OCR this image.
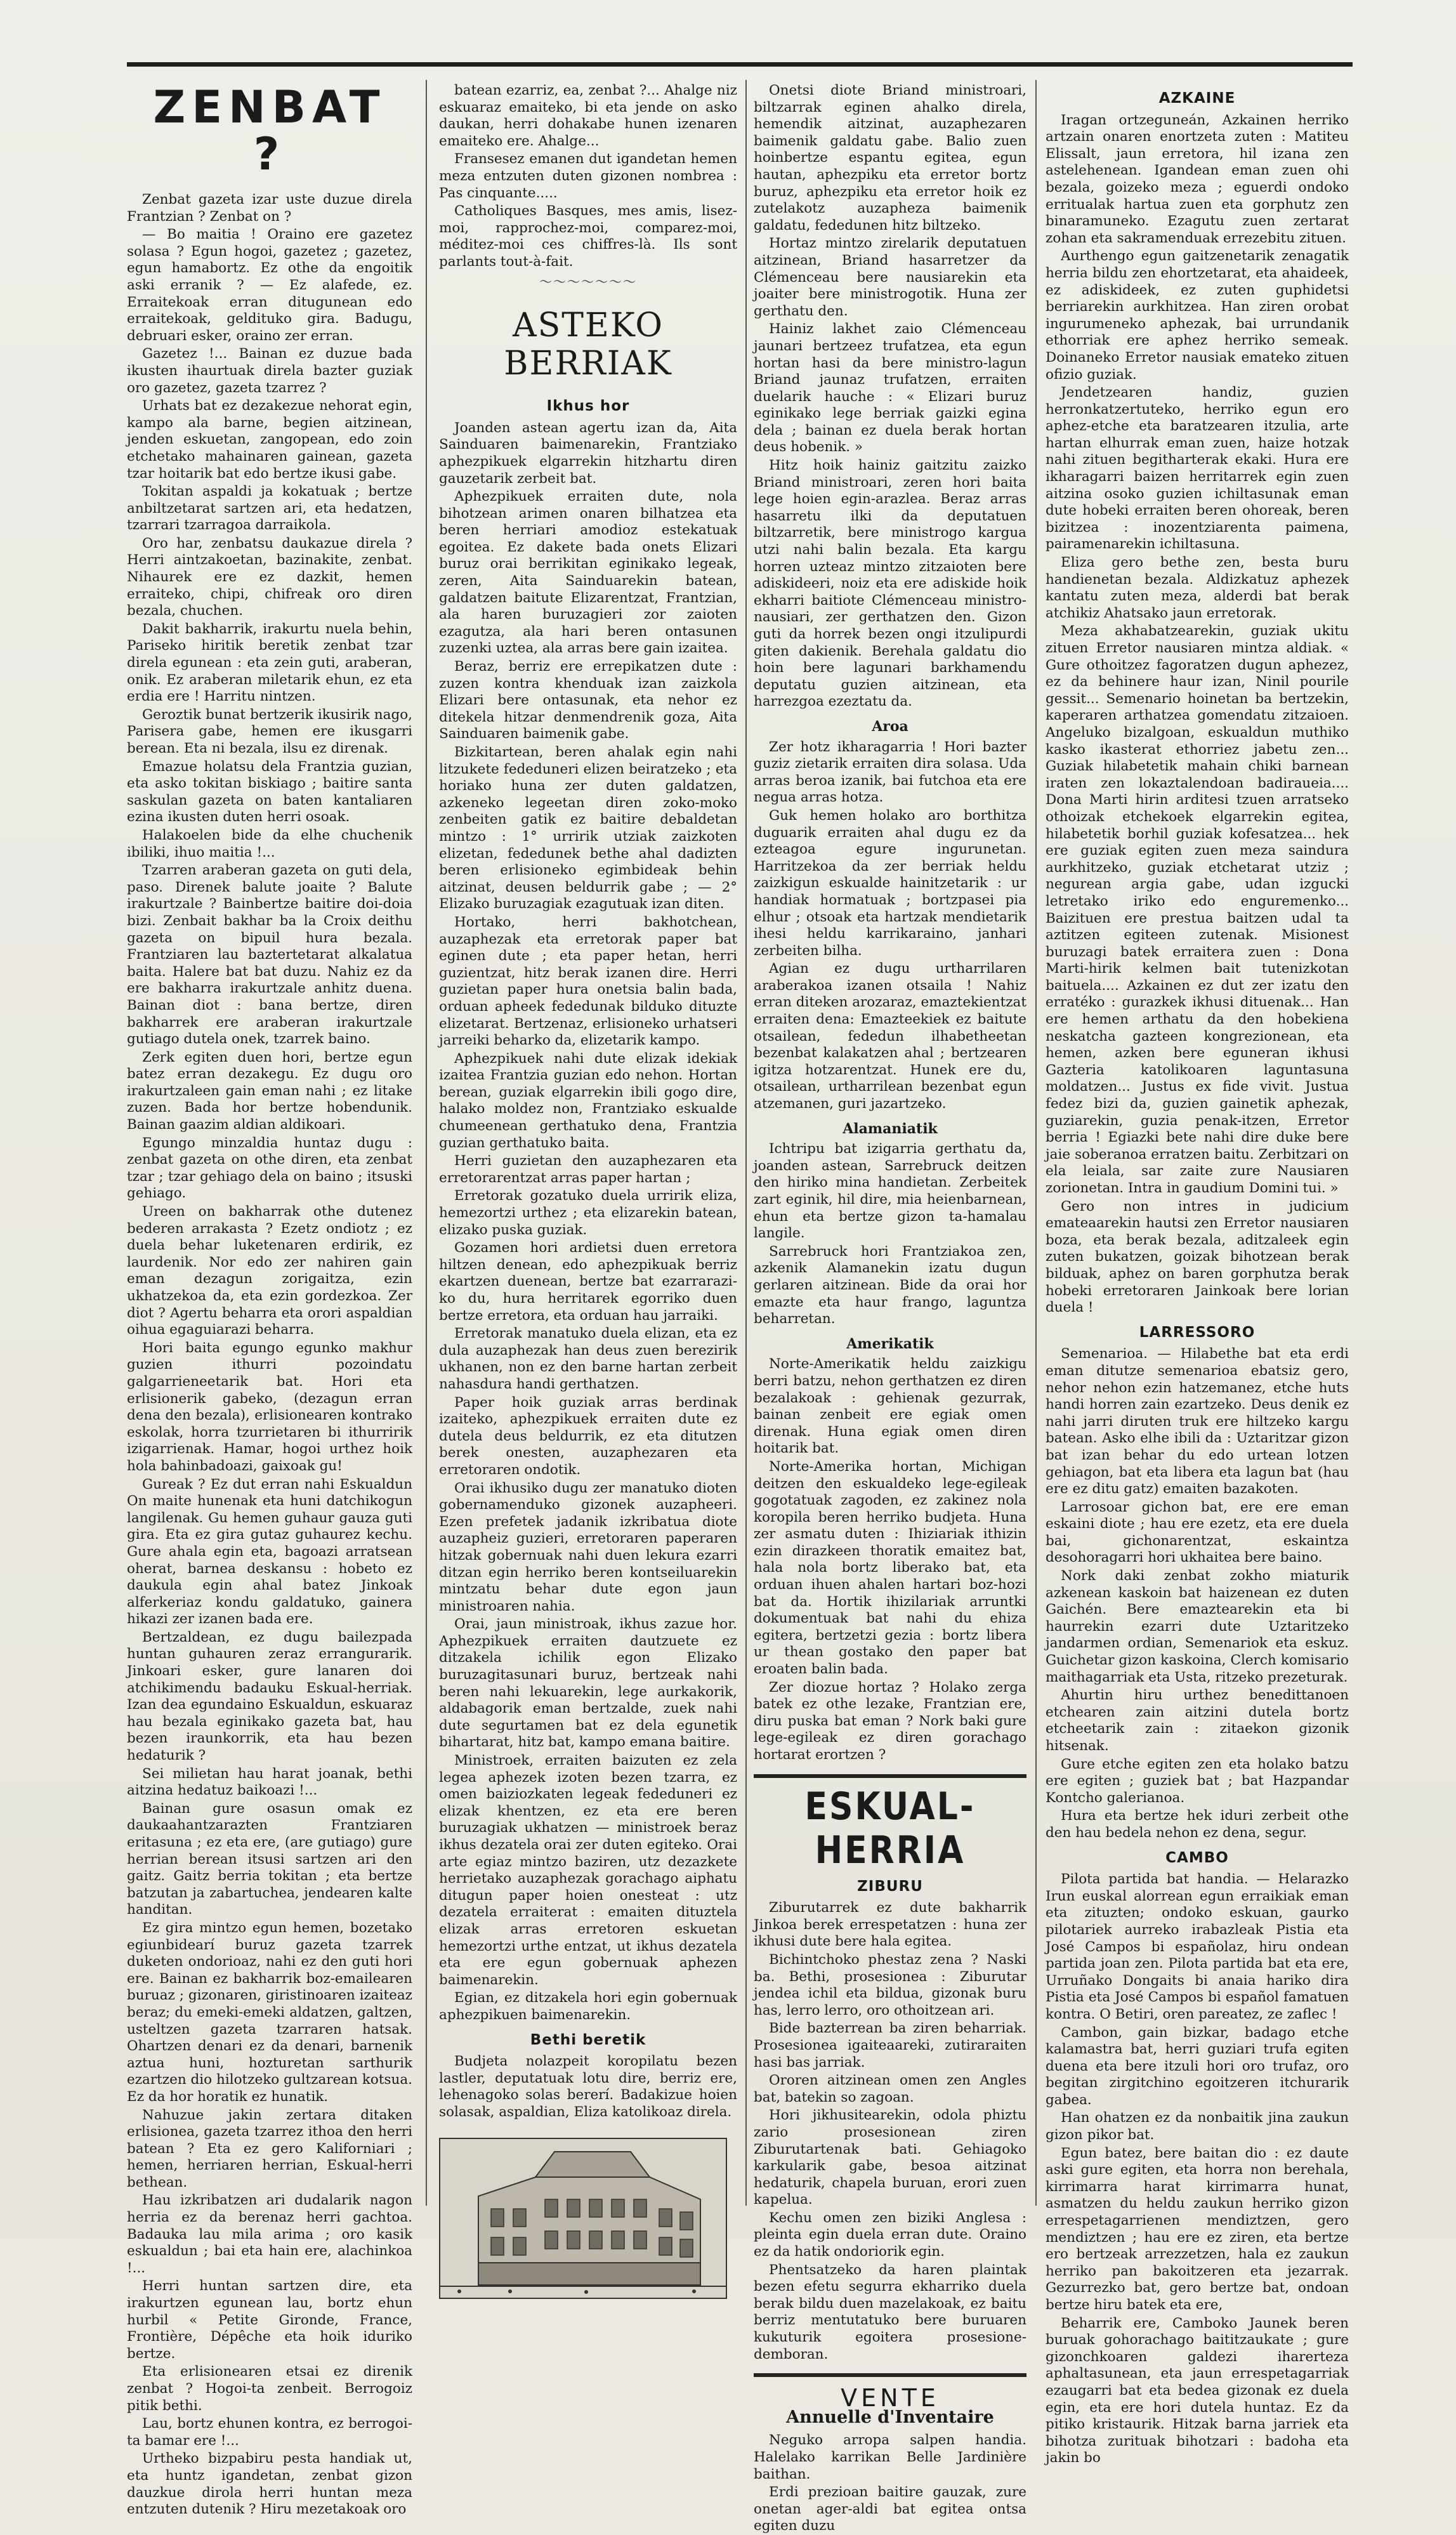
ZENBAT ?

Zenbat gazeta izar uste duzue direla Frantzian ? Zenbat on ?

— Bo maitia ! Oraino ere gazetez solasa ? Egun hogoi, gazetez ; gazetez, egun hamabortz. Ez othe da engoitik aski erranik ? — Ez alafede, ez. Erraitekoak erran ditugunean edo erraitekoak, geldituko gira. Badugu, debruari esker, oraino zer erran.

Gazetez !... Bainan ez duzue bada ikusten ihaurtuak direla bazter guziak oro gazetez, gazeta tzarrez ?

Urhats bat ez dezakezue nehorat egin, kampo ala barne, begien aitzinean, jenden eskuetan, zangopean, edo zoin etchetako mahainaren gainean, gazeta tzar hoitarik bat edo bertze ikusi gabe.

Tokitan aspaldi ja kokatuak ; bertze anbiltzetarat sartzen ari, eta hedatzen, tzarrari tzarragoa darraikola.

Oro har, zenbatsu daukazue direla ? Herri aintzakoetan, bazinakite, zenbat. Nihaurek ere ez dazkit, hemen erraiteko, chipi, chifreak oro diren bezala, chuchen.

Dakit bakharrik, irakurtu nuela behin, Pariseko hiritik beretik zenbat tzar direla egunean : eta zein guti, araberan, onik. Ez araberan miletarik ehun, ez eta erdia ere ! Harritu nintzen.

Geroztik bunat bertzerik ikusirik nago, Parisera gabe, hemen ere ikusgarri berean. Eta ni bezala, ilsu ez direnak.

Emazue holatsu dela Frantzia guzian, eta asko tokitan biskiago ; baitire santa saskulan gazeta on baten kantaliaren ezina ikusten duten herri osoak.

Halakoelen bide da elhe chuchenik ibiliki, ihuo maitia !...

Tzarren araberan gazeta on guti dela, paso. Direnek balute joaite ? Balute irakurtzale ? Bainbertze baitire doi-doia bizi. Zenbait bakhar ba la Croix deithu gazeta on bipuil hura bezala. Frantziaren lau baztertetarat alkalatua baita. Halere bat bat duzu. Nahiz ez da ere bakharra irakurtzale anhitz duena. Bainan diot : bana bertze, diren bakharrek ere araberan irakurtzale gutiago dutela onek, tzarrek baino.

Zerk egiten duen hori, bertze egun batez erran dezakegu. Ez dugu oro irakurtzaleen gain eman nahi ; ez litake zuzen. Bada hor bertze hobendunik. Bainan gaazim aldian aldikoari.

Egungo minzaldia huntaz dugu : zenbat gazeta on othe diren, eta zenbat tzar ; tzar gehiago dela on baino ; itsuski gehiago.

Ureen on bakharrak othe dutenez bederen arrakasta ? Ezetz ondiotz ; ez duela behar luketenaren erdirik, ez laurdenik. Nor edo zer nahiren gain eman dezagun zorigaitza, ezin ukhatzekoa da, eta ezin gordezkoa. Zer diot ? Agertu beharra eta orori aspaldian oihua egaguiarazi beharra.

Hori baita egungo egunko makhur guzien ithurri pozoindatu galgarrieneetarik bat. Hori eta erlisionerik gabeko, (dezagun erran dena den bezala), erlisionearen kontrako eskolak, horra tzurrietaren bi ithurririk izigarrienak. Hamar, hogoi urthez hoik hola bahinbadoazi, gaixoak gu!

Gureak ? Ez dut erran nahi Eskualdun On maite hunenak eta huni datchikogun langilenak. Gu hemen guhaur gauza guti gira. Eta ez gira gutaz guhaurez kechu. Gure ahala egin eta, bagoazi arratsean oherat, barnea deskansu : hobeto ez daukula egin ahal batez Jinkoak alferkeriaz kondu galdatuko, gainera hikazi zer izanen bada ere.

Bertzaldean, ez dugu bailezpada huntan guhauren zeraz errangurarik. Jinkoari esker, gure lanaren doi atchikimendu badauku Eskual-herriak. Izan dea egundaino Eskualdun, eskuaraz hau bezala eginikako gazeta bat, hau bezen iraunkorrik, eta hau bezen hedaturik ?

Sei milietan hau harat joanak, bethi aitzina hedatuz baikoazi !...

Bainan gure osasun omak ez daukaahantzarazten Frantziaren eritasuna ; ez eta ere, (are gutiago) gure herrian berean itsusi sartzen ari den gaitz. Gaitz berria tokitan ; eta bertze batzutan ja zabartuchea, jendearen kalte handitan.

Ez gira mintzo egun hemen, bozetako egiunbidearí buruz gazeta tzarrek duketen ondorioaz, nahi ez den guti hori ere. Bainan ez bakharrik boz-emailearen buruaz ; gizonaren, giristinoaren izaiteaz beraz; du emeki-emeki aldatzen, galtzen, usteltzen gazeta tzarraren hatsak. Ohartzen denari ez da denari, barnenik aztua huni, hozturetan sarthurik ezartzen dio hilotzeko gultzarean kotsua. Ez da hor horatik ez hunatik.

Nahuzue jakin zertara ditaken erlisionea, gazeta tzarrez ithoa den herri batean ? Eta ez gero Kaliforniari ; hemen, herriaren herrian, Eskual-herri bethean.

Hau izkribatzen ari dudalarik nagon herria ez da berenaz herri gachtoa. Badauka lau mila arima ; oro kasik eskualdun ; bai eta hain ere, alachinkoa !...

Herri huntan sartzen dire, eta irakurtzen egunean lau, bortz ehun hurbil « Petite Gironde, France, Frontière, Dépêche eta hoik iduriko bertze.

Eta erlisionearen etsai ez direnik zenbat ? Hogoi-ta zenbeit. Berrogoiz pitik bethi.

Lau, bortz ehunen kontra, ez berrogoi-ta bamar ere !...

Urtheko bizpabiru pesta handiak ut, eta huntz igandetan, zenbat gizon dauzkue dirola herri huntan meza entzuten dutenik ? Hiru mezetakoak oro

batean ezarriz, ea, zenbat ?... Ahalge niz eskuaraz emaiteko, bi eta jende on asko daukan, herri dohakabe hunen izenaren emaiteko ere. Ahalge...

Fransesez emanen dut igandetan hemen meza entzuten duten gizonen nombrea : Pas cinquante.....

Catholiques Basques, mes amis, lisez-moi, rapprochez-moi, comparez-moi, méditez-moi ces chiffres-là. Ils sont parlants tout-à-fait.

〜〜〜〜〜〜〜
ASTEKO BERRIAK
Ikhus hor

Joanden astean agertu izan da, Aita Sainduaren baimenarekin, Frantziako aphezpikuek elgarrekin hitzhartu diren gauzetarik zerbeit bat.

Aphezpikuek erraiten dute, nola bihotzean arimen onaren bilhatzea eta beren herriari amodioz estekatuak egoitea. Ez dakete bada onets Elizari buruz orai berrikitan eginikako legeak, zeren, Aita Sainduarekin batean, galdatzen baitute Elizarentzat, Frantzian, ala haren buruzagieri zor zaioten ezagutza, ala hari beren ontasunen zuzenki uztea, ala arras bere gain izaitea.

Beraz, berriz ere errepikatzen dute : zuzen kontra khenduak izan zaizkola Elizari bere ontasunak, eta nehor ez ditekela hitzar denmendrenik goza, Aita Sainduaren baimenik gabe.

Bizkitartean, beren ahalak egin nahi litzukete fededuneri elizen beiratzeko ; eta horiako huna zer duten galdatzen, azkeneko legeetan diren zoko-moko zenbeiten gatik ez baitire debaldetan mintzo : 1° urririk utziak zaizkoten elizetan, fededunek bethe ahal dadizten beren erlisioneko egimbideak behin aitzinat, deusen beldurrik gabe ; — 2° Elizako buruzagiak ezagutuak izan diten.

Hortako, herri bakhotchean, auzaphezak eta erretorak paper bat eginen dute ; eta paper hetan, herri guzientzat, hitz berak izanen dire. Herri guzietan paper hura onetsia balin bada, orduan apheek fededunak bilduko dituzte elizetarat. Bertzenaz, erlisioneko urhatseri jarreiki beharko da, elizetarik kampo.

Aphezpikuek nahi dute elizak idekiak izaitea Frantzia guzian edo nehon. Hortan berean, guziak elgarrekin ibili gogo dire, halako moldez non, Frantziako eskualde chumeenean gerthatuko dena, Frantzia guzian gerthatuko baita.

Herri guzietan den auzaphezaren eta erretorarentzat arras paper hartan ;

Erretorak gozatuko duela urririk eliza, hemezortzi urthez ; eta elizarekin batean, elizako puska guziak.

Gozamen hori ardietsi duen erretora hiltzen denean, edo aphezpikuak berriz ekartzen duenean, bertze bat ezarrarazi-ko du, hura herritarek egorriko duen bertze erretora, eta orduan hau jarraiki.

Erretorak manatuko duela elizan, eta ez dula auzaphezak han deus zuen berezirik ukhanen, non ez den barne hartan zerbeit nahasdura handi gerthatzen.

Paper hoik guziak arras berdinak izaiteko, aphezpikuek erraiten dute ez dutela deus beldurrik, ez eta ditutzen berek onesten, auzaphezaren eta erretoraren ondotik.

Orai ikhusiko dugu zer manatuko dioten gobernamenduko gizonek auzapheeri. Ezen prefetek jadanik izkribatua diote auzapheiz guzieri, erretoraren paperaren hitzak gobernuak nahi duen lekura ezarri ditzan egin herriko beren kontseiluarekin mintzatu behar dute egon jaun ministroaren nahia.

Orai, jaun ministroak, ikhus zazue hor. Aphezpikuek erraiten dautzuete ez ditzakela ichilik egon Elizako buruzagitasunari buruz, bertzeak nahi beren nahi lekuarekin, lege aurkakorik, aldabagorik eman bertzalde, zuek nahi dute segurtamen bat ez dela egunetik bihartarat, hitz bat, kampo emana baitire.

Ministroek, erraiten baizuten ez zela legea aphezek izoten bezen tzarra, ez omen baiziozkaten legeak fededuneri ez elizak khentzen, ez eta ere beren buruzagiak ukhatzen — ministroek beraz ikhus dezatela orai zer duten egiteko. Orai arte egiaz mintzo baziren, utz dezazkete herrietako auzaphezak gorachago aiphatu ditugun paper hoien onesteat : utz dezatela erraiterat : emaiten dituztela elizak arras erretoren eskuetan hemezortzi urthe entzat, ut ikhus dezatela eta ere egun gobernuak aphezen baimenarekin.

Egian, ez ditzakela hori egin gobernuak aphezpikuen baimenarekin.

Bethi beretik

Budjeta nolazpeit koropilatu bezen lastler, deputatuak lotu dire, berriz ere, lehenagoko solas bererí. Badakizue hoien solasak, aspaldian, Eliza katolikoaz direla.

Onetsi diote Briand ministroari, biltzarrak eginen ahalko direla, hemendik aitzinat, auzaphezaren baimenik galdatu gabe. Balio zuen hoinbertze espantu egitea, egun hautan, aphezpiku eta erretor bortz buruz, aphezpiku eta erretor hoik ez zutelakotz auzapheza baimenik galdatu, fededunen hitz biltzeko.

Hortaz mintzo zirelarik deputatuen aitzinean, Briand hasarretzer da Clémenceau bere nausiarekin eta joaiter bere ministrogotik. Huna zer gerthatu den.

Hainiz lakhet zaio Clémenceau jaunari bertzeez trufatzea, eta egun hortan hasi da bere ministro-lagun Briand jaunaz trufatzen, erraiten duelarik hauche : « Elizari buruz eginikako lege berriak gaizki egina dela ; bainan ez duela berak hortan deus hobenik. »

Hitz hoik hainiz gaitzitu zaizko Briand ministroari, zeren hori baita lege hoien egin-arazlea. Beraz arras hasarretu ilki da deputatuen biltzarretik, bere ministrogo kargua utzi nahi balin bezala. Eta kargu horren uzteaz mintzo zitzaioten bere adiskideeri, noiz eta ere adiskide hoik ekharri baitiote Clémenceau ministro-nausiari, zer gerthatzen den. Gizon guti da horrek bezen ongi itzulipurdi giten dakienik. Berehala galdatu dio hoin bere lagunari barkhamendu deputatu guzien aitzinean, eta harrezgoa ezeztatu da.

Aroa

Zer hotz ikharagarria ! Hori bazter guziz zietarik erraiten dira solasa. Uda arras beroa izanik, bai futchoa eta ere negua arras hotza.

Guk hemen holako aro borthitza duguarik erraiten ahal dugu ez da ezteagoa egure ingurunetan. Harritzekoa da zer berriak heldu zaizkigun eskualde hainitzetarik : ur handiak hormatuak ; bortzpasei pia elhur ; otsoak eta hartzak mendietarik ihesi heldu karrikaraino, janhari zerbeiten bilha.

Agian ez dugu urtharrilaren araberakoa izanen otsaila ! Nahiz erran diteken arozaraz, emaztekientzat erraiten dena: Emazteekiek ez baitute otsailean, fededun ilhabetheetan bezenbat kalakatzen ahal ; bertzearen igitza hotzarentzat. Hunek ere du, otsailean, urtharrilean bezenbat egun atzemanen, guri jazartzeko.

Alamaniatik

Ichtripu bat izigarria gerthatu da, joanden astean, Sarrebruck deitzen den hiriko mina handietan. Zerbeitek zart eginik, hil dire, mia heienbarnean, ehun eta bertze gizon ta-hamalau langile.

Sarrebruck hori Frantziakoa zen, azkenik Alamanekin izatu dugun gerlaren aitzinean. Bide da orai hor emazte eta haur frango, laguntza beharretan.

Amerikatik

Norte-Amerikatik heldu zaizkigu berri batzu, nehon gerthatzen ez diren bezalakoak : gehienak gezurrak, bainan zenbeit ere egiak omen direnak. Huna egiak omen diren hoitarik bat.

Norte-Amerika hortan, Michigan deitzen den eskualdeko lege-egileak gogotatuak zagoden, ez zakinez nola koropila beren herriko budjeta. Huna zer asmatu duten : Ihiziariak ithizin ezin dirazkeen thoratik emaitez bat, hala nola bortz liberako bat, eta orduan ihuen ahalen hartari boz-hozi bat da. Hortik ihizilariak arruntki dokumentuak bat nahi du ehiza egitera, bertzetzi gezia : bortz libera ur thean gostako den paper bat eroaten balin bada.

Zer diozue hortaz ? Holako zerga batek ez othe lezake, Frantzian ere, diru puska bat eman ? Nork baki gure lege-egileak ez diren gorachago hortarat erortzen ?

ESKUAL-HERRIA
ZIBURU

Ziburutarrek ez dute bakharrik Jinkoa berek errespetatzen : huna zer ikhusi dute bere hala egitea.

Bichintchoko phestaz zena ? Naski ba. Bethi, prosesionea : Ziburutar jendea ichil eta bildua, gizonak buru has, lerro lerro, oro othoitzean ari.

Bide bazterrean ba ziren beharriak. Prosesionea igaiteaareki, zutiraraiten hasi bas jarriak.

Ororen aitzinean omen zen Angles bat, batekin so zagoan.

Hori jikhusitearekin, odola phiztu zario prosesionean ziren Ziburutartenak bati. Gehiagoko karkularik gabe, besoa aitzinat hedaturik, chapela buruan, erori zuen kapelua.

Kechu omen zen biziki Anglesa : pleinta egin duela erran dute. Oraino ez da hatik ondoriorik egin.

Phentsatzeko da haren plaintak bezen efetu segurra ekharriko duela berak bildu duen mazelakoak, ez baitu berriz mentutatuko bere buruaren kukuturik egoitera prosesione-demboran.

VENTE
Annuelle d'Inventaire

Neguko arropa salpen handia. Halelako karrikan Belle Jardinière baithan.

Erdi prezioan baitire gauzak, zure onetan ager-aldi bat egitea ontsa egiten duzu

AZKAINE

Iragan ortzeguneán, Azkainen herriko artzain onaren enortzeta zuten : Matiteu Elissalt, jaun erretora, hil izana zen astelehenean. Igandean eman zuen ohi bezala, goizeko meza ; eguerdi ondoko erritualak hartua zuen eta gorphutz zen binaramuneko. Ezagutu zuen zertarat zohan eta sakramenduak errezebitu zituen.

Aurthengo egun gaitzenetarik zenagatik herria bildu zen ehortzetarat, eta ahaideek, ez adiskideek, ez zuten guphidetsi berriarekin aurkhitzea. Han ziren orobat ingurumeneko aphezak, bai urrundanik ethorriak ere aphez herriko semeak. Doinaneko Erretor nausiak emateko zituen ofizio guziak.

Jendetzearen handiz, guzien herronkatzertuteko, herriko egun ero aphez-etche eta baratzearen itzulia, arte hartan elhurrak eman zuen, haize hotzak nahi zituen begitharterak ekaki. Hura ere ikharagarri baizen herritarrek egin zuen aitzina osoko guzien ichiltasunak eman dute hobeki erraiten beren ohoreak, beren bizitzea : inozentziarenta paimena, pairamenarekin ichiltasuna.

Eliza gero bethe zen, besta buru handienetan bezala. Aldizkatuz aphezek kantatu zuten meza, alderdi bat berak atchikiz Ahatsako jaun erretorak.

Meza akhabatzearekin, guziak ukitu zituen Erretor nausiaren mintza aldiak. « Gure othoitzez fagoratzen dugun aphezez, ez da behinere haur izan, Ninil pourile gessit... Semenario hoinetan ba bertzekin, kaperaren arthatzea gomendatu zitzaioen. Angeluko bizalgoan, eskualdun muthiko kasko ikasterat ethorriez jabetu zen... Guziak hilabetetik mahain chiki barnean iraten zen lokaztalendoan badiraueia.... Dona Marti hirin arditesi tzuen arratseko othoizak etchekoek elgarrekin egitea, hilabetetik borhil guziak kofesatzea... hek ere guziak egiten zuen meza saindura aurkhitzeko, guziak etchetarat utziz ; negurean argia gabe, udan izgucki letretako iriko edo enguremenko... Baizituen ere prestua baitzen udal ta aztitzen egiteen zutenak. Misionest buruzagi batek erraitera zuen : Dona Marti-hirik kelmen bait tutenizkotan baituela.... Azkainen ez dut zer izatu den erratéko : gurazkek ikhusi dituenak... Han ere hemen arthatu da den hobekiena neskatcha gazteen kongrezionean, eta hemen, azken bere eguneran ikhusi Gazteria katolikoaren laguntasuna moldatzen... Justus ex fide vivit. Justua fedez bizi da, guzien gainetik aphezak, guziarekin, guzia penak-itzen, Erretor berria ! Egiazki bete nahi dire duke bere jaie soberanoa erratzen baitu. Zerbitzari on ela leiala, sar zaite zure Nausiaren zorionetan. Intra in gaudium Domini tui. »

Gero non intres in judicium emateaarekin hautsi zen Erretor nausiaren boza, eta berak bezala, aditzaleek egin zuten bukatzen, goizak bihotzean berak bilduak, aphez on baren gorphutza berak hobeki erretoraren Jainkoak bere lorian duela !

LARRESSORO

Semenarioa. — Hilabethe bat eta erdi eman ditutze semenarioa ebatsiz gero, nehor nehon ezin hatzemanez, etche huts handi horren zain ezartzeko. Deus denik ez nahi jarri diruten truk ere hiltzeko kargu batean. Asko elhe ibili da : Uztaritzar gizon bat izan behar du edo urtean lotzen gehiagon, bat eta libera eta lagun bat (hau ere ez ditu gatz) emaiten bazakoten.

Larrosoar gichon bat, ere ere eman eskaini diote ; hau ere ezetz, eta ere duela bai, gichonarentzat, eskaintza desohoragarri hori ukhaitea bere baino.

Nork daki zenbat zokho miaturik azkenean kaskoin bat haizenean ez duten Gaichén. Bere emaztearekin eta bi haurrekin ezarri dute Uztaritzeko jandarmen ordian, Semenariok eta eskuz. Guichetar gizon kaskoina, Clerch komisario maithagarriak eta Usta, ritzeko prezeturak.

Ahurtin hiru urthez benedittanoen etchearen zain aitzini dutela bortz etcheetarik zain : zitaekon gizonik hitsenak.

Gure etche egiten zen eta holako batzu ere egiten ; guziek bat ; bat Hazpandar Kontcho galerianoa.

Hura eta bertze hek iduri zerbeit othe den hau bedela nehon ez dena, segur.

CAMBO

Pilota partida bat handia. — Helarazko Irun euskal alorrean egun erraikiak eman eta zituzten; ondoko eskuan, gaurko pilotariek aurreko irabazleak Pistia eta José Campos bi españolaz, hiru ondean partida joan zen. Pilota partida bat eta ere, Urruñako Dongaits bi anaia hariko dira Pistia eta José Campos bi español famatuen kontra. O Betiri, oren pareatez, ze zaflec !

Cambon, gain bizkar, badago etche kalamastra bat, herri guziari trufa egiten duena eta bere itzuli hori oro trufaz, oro begitan zirgitchino egoitzeren itchurarik gabea.

Han ohatzen ez da nonbaitik jina zaukun gizon pikor bat.

Egun batez, bere baitan dio : ez daute aski gure egiten, eta horra non berehala, kirrimarra harat kirrimarra hunat, asmatzen du heldu zaukun herriko gizon errespetagarrienen mendiztzen, gero mendiztzen ; hau ere ez ziren, eta bertze ero bertzeak arrezzetzen, hala ez zaukun herriko pan bakoitzeren eta jezarrak. Gezurrezko bat, gero bertze bat, ondoan bertze hiru batek eta ere,

Beharrik ere, Camboko Jaunek beren buruak gohorachago baititzaukate ; gure gizonchkoaren galdezi iharerteza aphaltasunean, eta jaun errespetagarriak ezaugarri bat eta bedea gizonak ez duela egin, eta ere hori dutela huntaz. Ez da pitiko kristaurik. Hitzak barna jarriek eta bihotza zurituak bihotzari : badoha eta jakin bo
